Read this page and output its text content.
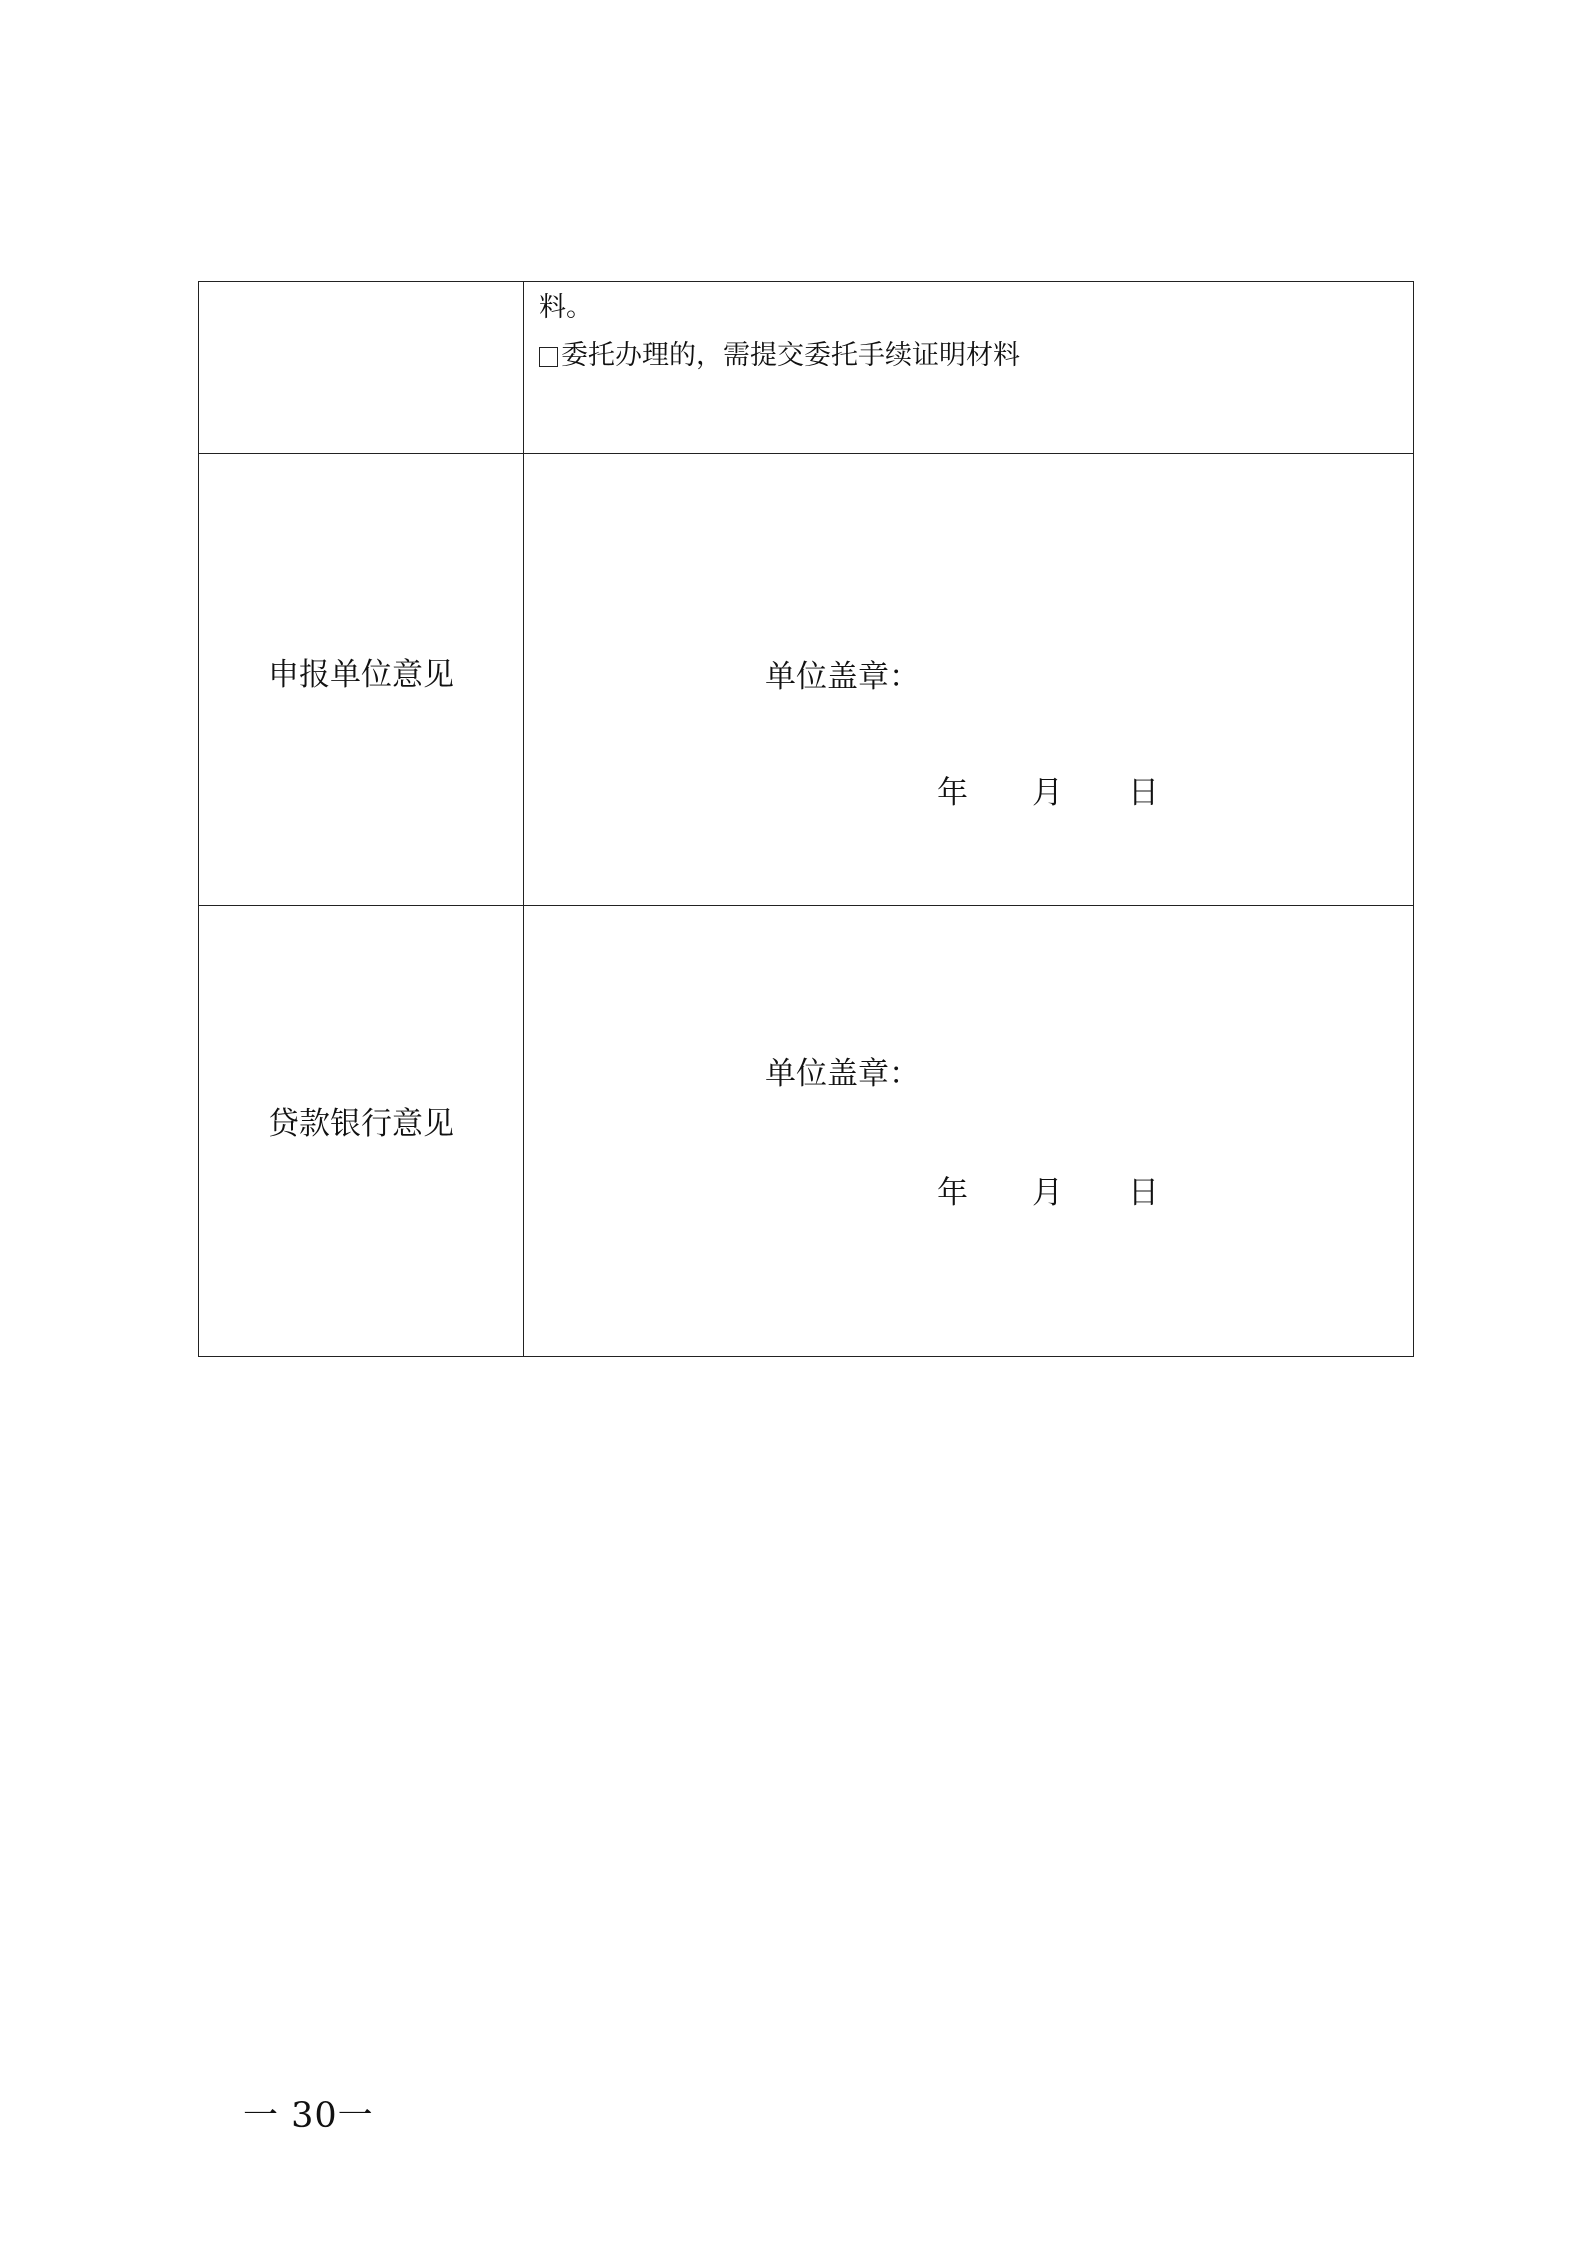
	料。
委托办理的，需提交委托手续证明材料

申报单位意见	单位盖章：
年 月 日

贷款银行意见	单位盖章：
年 月 日
一 30一
